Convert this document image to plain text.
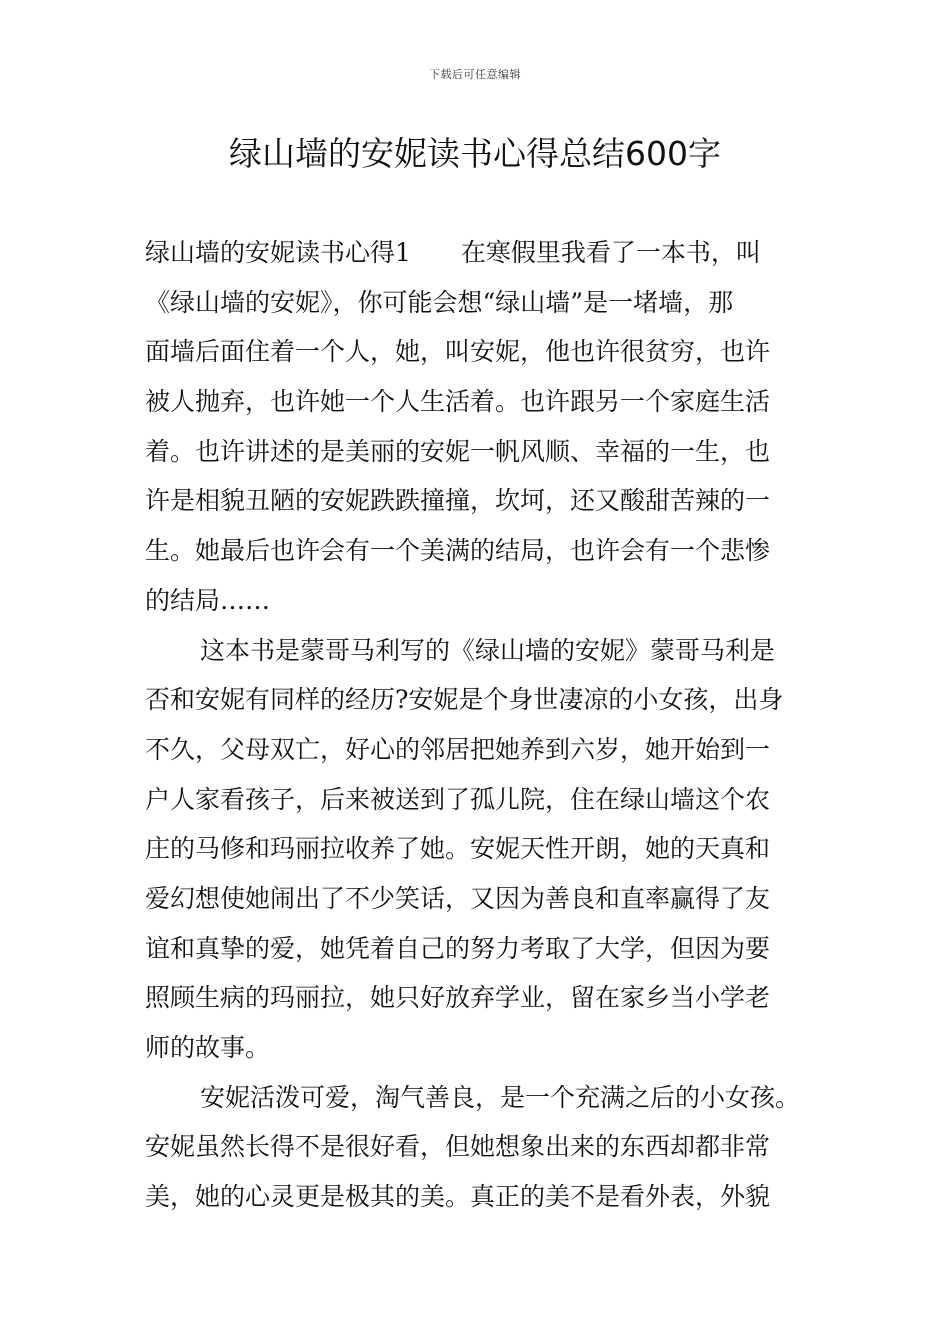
下载后可任意编辑
绿山墙的安妮读书心得总结600字
绿山墙的安妮读书心得1　　在寒假里我看了一本书，叫
《绿山墙的安妮》，你可能会想“绿山墙”是一堵墙，那
面墙后面住着一个人，她，叫安妮，他也许很贫穷，也许
被人抛弃，也许她一个人生活着。也许跟另一个家庭生活
着。也许讲述的是美丽的安妮一帆风顺、幸福的一生，也
许是相貌丑陋的安妮跌跌撞撞，坎坷，还又酸甜苦辣的一
生。她最后也许会有一个美满的结局，也许会有一个悲惨
的结局……
这本书是蒙哥马利写的《绿山墙的安妮》蒙哥马利是
否和安妮有同样的经历?安妮是个身世凄凉的小女孩，出身
不久，父母双亡，好心的邻居把她养到六岁，她开始到一
户人家看孩子，后来被送到了孤儿院，住在绿山墙这个农
庄的马修和玛丽拉收养了她。安妮天性开朗，她的天真和
爱幻想使她闹出了不少笑话，又因为善良和直率赢得了友
谊和真挚的爱，她凭着自己的努力考取了大学，但因为要
照顾生病的玛丽拉，她只好放弃学业，留在家乡当小学老
师的故事。
安妮活泼可爱，淘气善良，是一个充满之后的小女孩。
安妮虽然长得不是很好看，但她想象出来的东西却都非常
美，她的心灵更是极其的美。真正的美不是看外表，外貌
